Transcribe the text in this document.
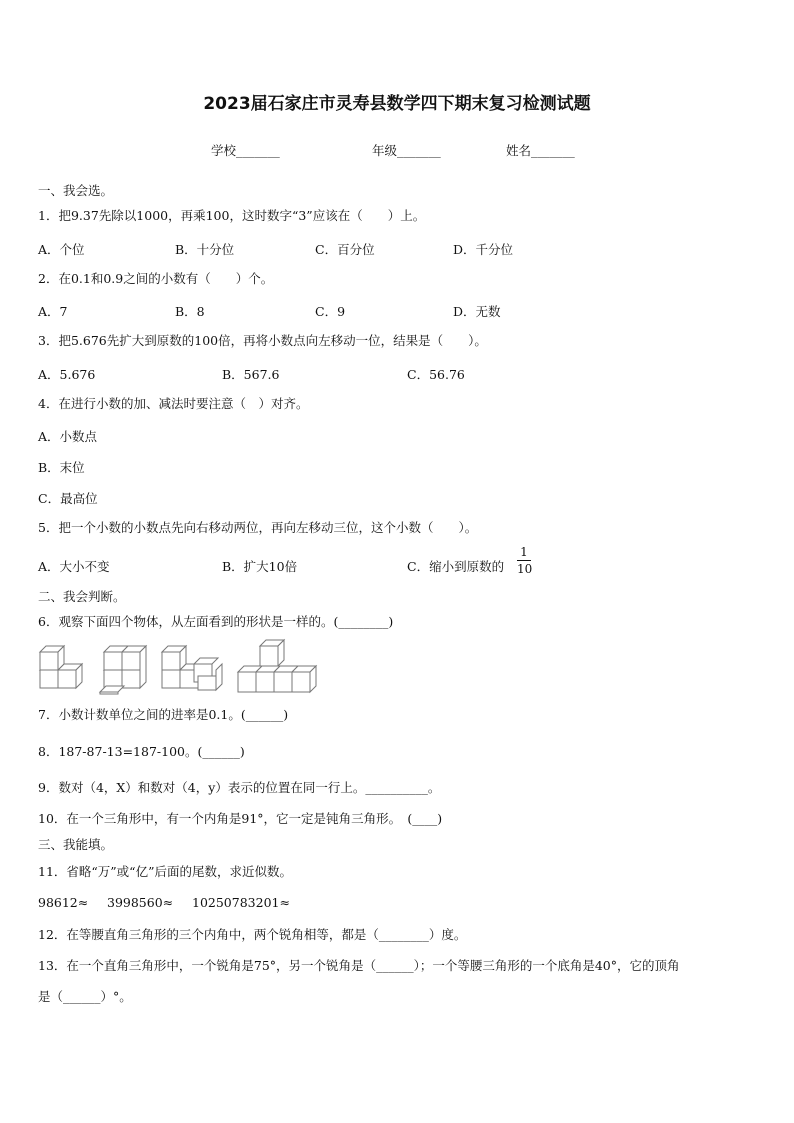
2023届石家庄市灵寿县数学四下期末复习检测试题
学校_______	年级_______	姓名_______
一、我会选。
1．把9.37先除以1000，再乘100，这时数字“3”应该在（　　）上。
A．个位	B．十分位	C．百分位	D．千分位
2．在0.1和0.9之间的小数有（　　）个。
A．7	B．8	C．9	D．无数
3．把5.676先扩大到原数的100倍，再将小数点向左移动一位，结果是（　　）。
A．5.676	B．567.6	C．56.76
4．在进行小数的加、减法时要注意（　）对齐。
A．小数点
B．末位
C．最高位
5．把一个小数的小数点先向右移动两位，再向左移动三位，这个小数（　　）。
A．大小不变	B．扩大10倍	C．缩小到原数的
1
10
二、我会判断。
6．观察下面四个物体，从左面看到的形状是一样的。(________)
7．小数计数单位之间的进率是0.1。(______)
8．187-87-13=187-100。(______)
9．数对（4，X）和数对（4，y）表示的位置在同一行上。__________。
10．在一个三角形中，有一个内角是91°，它一定是钝角三角形。　(____)
三、我能填。
11．省略“万”或“亿”后面的尾数，求近似数。
98612≈ 3998560≈ 10250783201≈
12．在等腰直角三角形的三个内角中，两个锐角相等，都是（________）度。
13．在一个直角三角形中，一个锐角是75°，另一个锐角是（______）；一个等腰三角形的一个底角是40°，它的顶角
是（______）°。
